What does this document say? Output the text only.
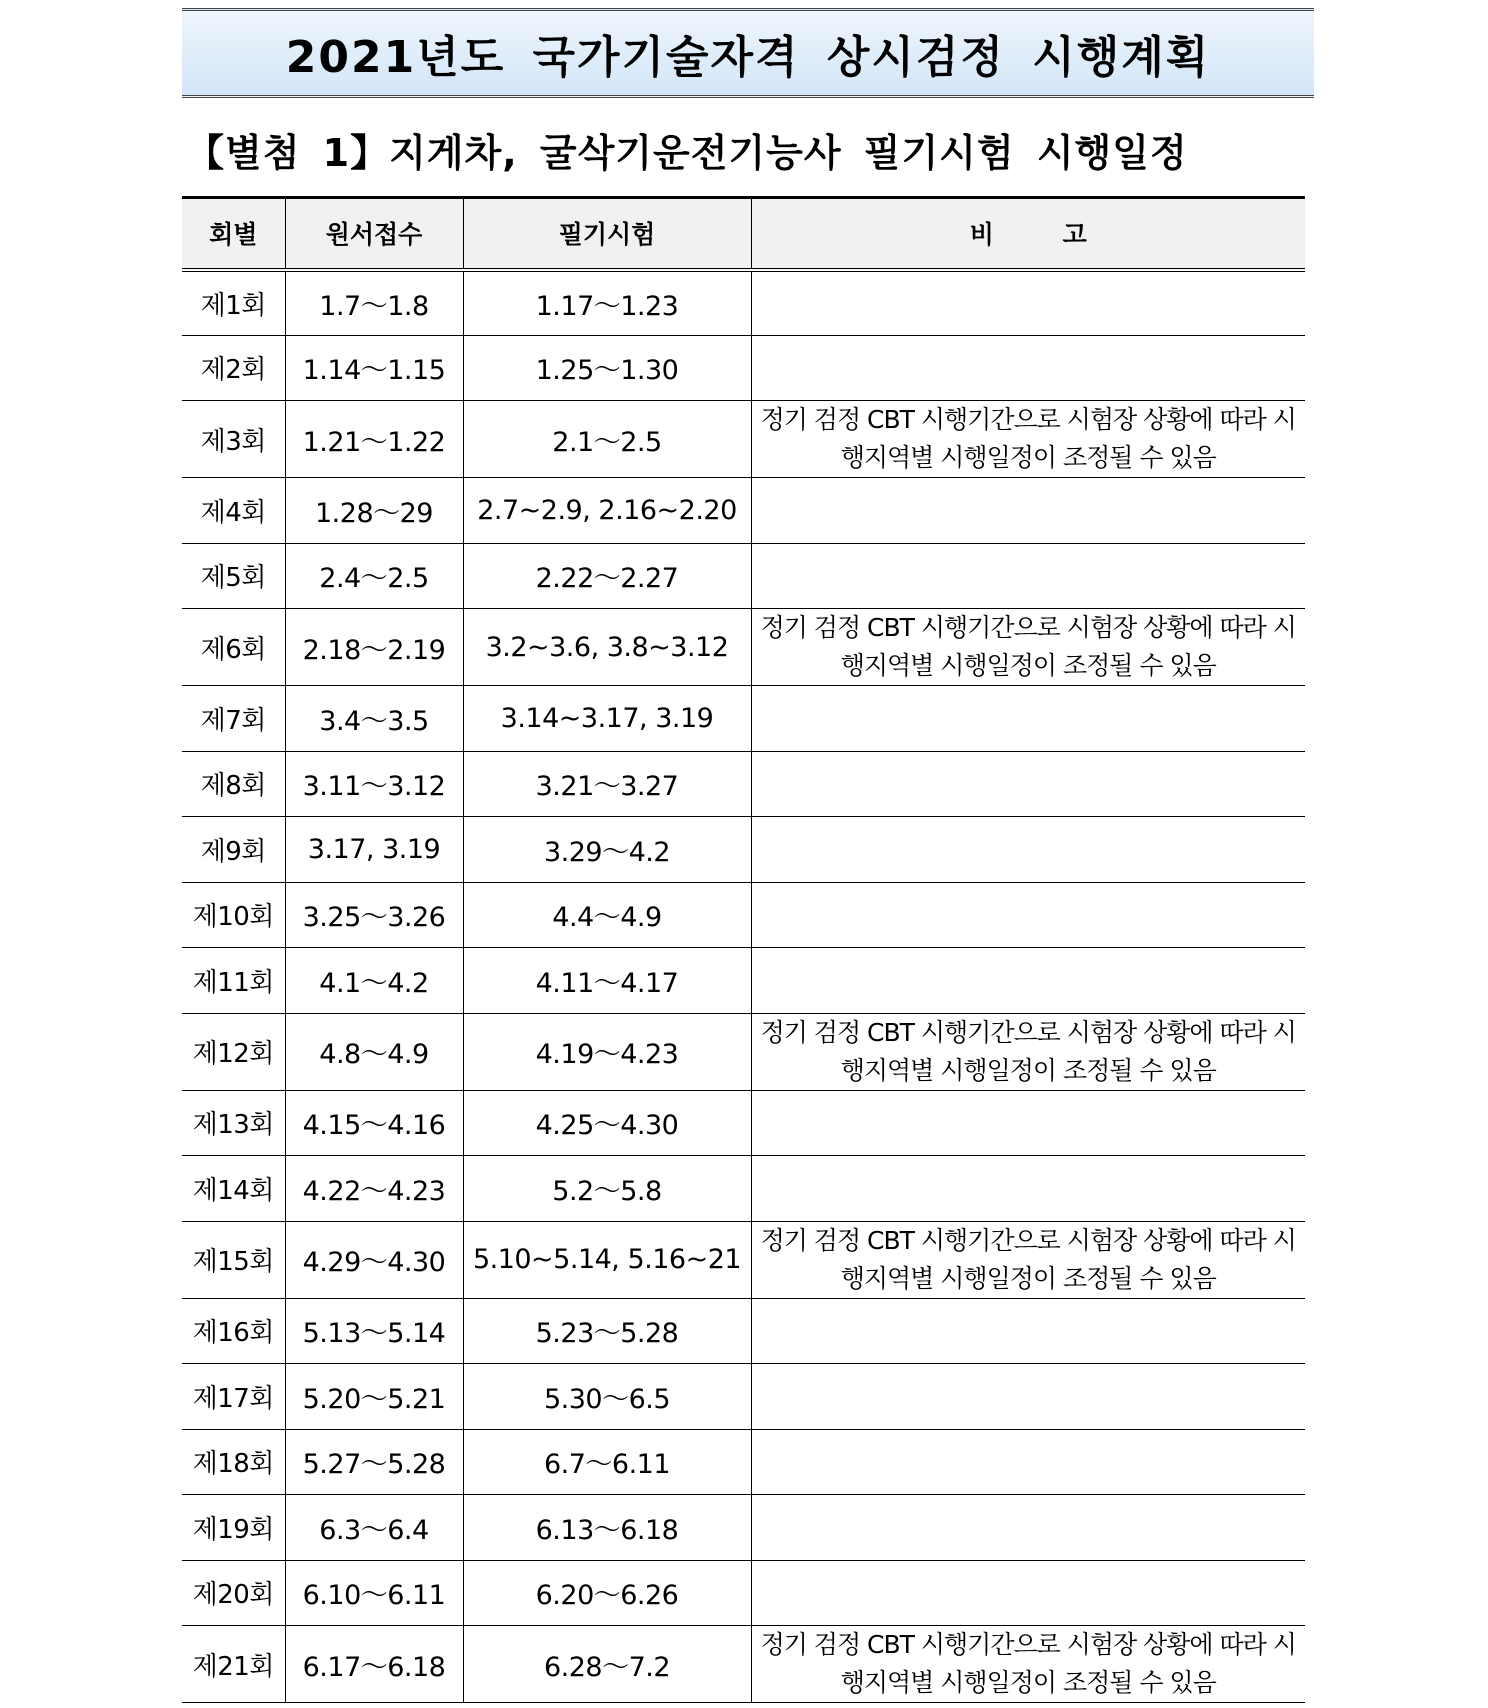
2021년도 국가기술자격 상시검정 시행계획
【별첨 1】지게차, 굴삭기운전기능사 필기시험 시행일정
회별	원서접수	필기시험	비 고
제1회	1.7～1.8	1.17～1.23	
제2회	1.14～1.15	1.25～1.30	
제3회	1.21～1.22	2.1～2.5	정기 검정 CBT 시행기간으로 시험장 상황에 따라 시행지역별 시행일정이 조정될 수 있음
제4회	1.28～29	2.7~2.9, 2.16~2.20	
제5회	2.4～2.5	2.22～2.27	
제6회	2.18～2.19	3.2~3.6, 3.8~3.12	정기 검정 CBT 시행기간으로 시험장 상황에 따라 시행지역별 시행일정이 조정될 수 있음
제7회	3.4～3.5	3.14~3.17, 3.19	
제8회	3.11～3.12	3.21～3.27	
제9회	3.17, 3.19	3.29～4.2	
제10회	3.25～3.26	4.4～4.9	
제11회	4.1～4.2	4.11～4.17	
제12회	4.8～4.9	4.19～4.23	정기 검정 CBT 시행기간으로 시험장 상황에 따라 시행지역별 시행일정이 조정될 수 있음
제13회	4.15～4.16	4.25～4.30	
제14회	4.22～4.23	5.2～5.8	
제15회	4.29～4.30	5.10~5.14, 5.16~21	정기 검정 CBT 시행기간으로 시험장 상황에 따라 시행지역별 시행일정이 조정될 수 있음
제16회	5.13～5.14	5.23～5.28	
제17회	5.20～5.21	5.30～6.5	
제18회	5.27～5.28	6.7～6.11	
제19회	6.3～6.4	6.13～6.18	
제20회	6.10～6.11	6.20～6.26	
제21회	6.17～6.18	6.28～7.2	정기 검정 CBT 시행기간으로 시험장 상황에 따라 시행지역별 시행일정이 조정될 수 있음
